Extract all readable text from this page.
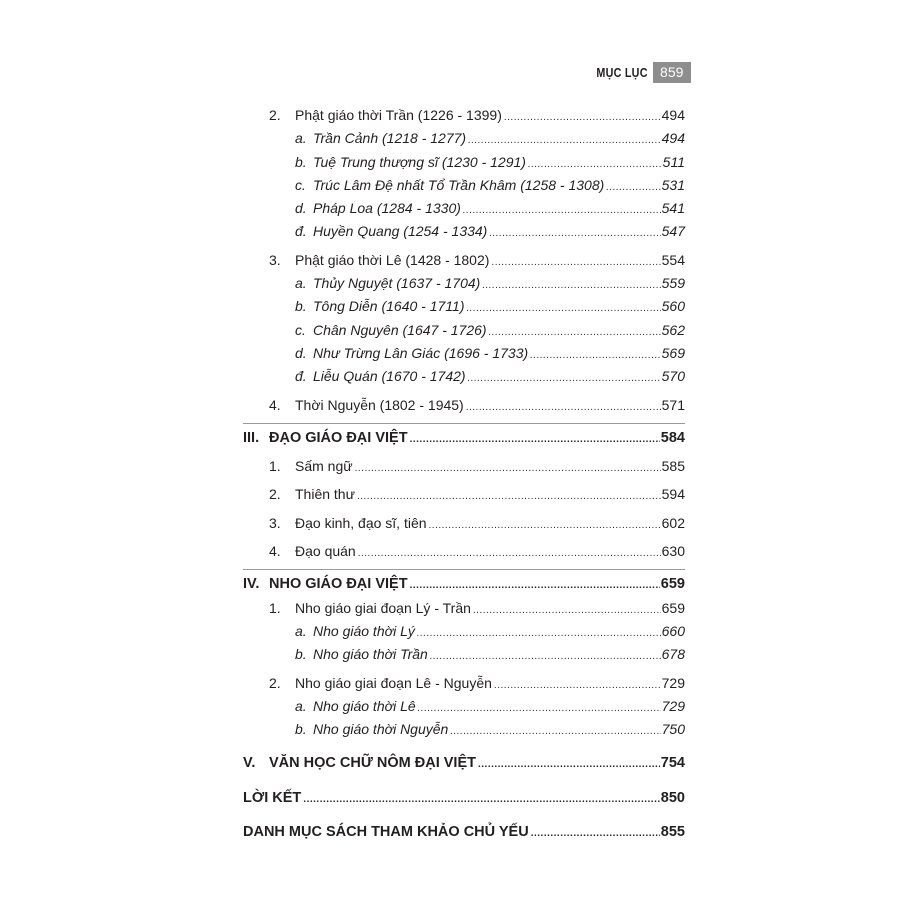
MỤC LỤC 859
2.	Phật giáo thời Trần (1226 - 1399) .....	494
a. Trần Cảnh (1218 - 1277) .....	494
b. Tuệ Trung thượng sĩ (1230 - 1291) .....	511
c. Trúc Lâm Đệ nhất Tổ Trần Khâm (1258 - 1308) .....	531
d. Pháp Loa (1284 - 1330) .....	541
đ. Huyền Quang (1254 - 1334) .....	547
3.	Phật giáo thời Lê (1428 - 1802) .....	554
a. Thủy Nguyệt (1637 - 1704) .....	559
b. Tông Diễn (1640 - 1711) .....	560
c. Chân Nguyên (1647 - 1726) .....	562
d. Như Trừng Lân Giác (1696 - 1733) .....	569
đ. Liễu Quán (1670 - 1742) .....	570
4.	Thời Nguyễn (1802 - 1945) .....	571
III. ĐẠO GIÁO ĐẠI VIỆT .....	584
1.	Sấm ngữ .....	585
2.	Thiên thư .....	594
3.	Đạo kinh, đạo sĩ, tiên .....	602
4.	Đạo quán .....	630
IV. NHO GIÁO ĐẠI VIỆT .....	659
1.	Nho giáo giai đoạn Lý - Trần .....	659
a. Nho giáo thời Lý .....	660
b. Nho giáo thời Trần .....	678
2.	Nho giáo giai đoạn Lê - Nguyễn .....	729
a. Nho giáo thời Lê .....	729
b. Nho giáo thời Nguyễn .....	750
V. VĂN HỌC CHỮ NÔM ĐẠI VIỆT .....	754
LỜI KẾT .....	850
DANH MỤC SÁCH THAM KHẢO CHỦ YẾU .....	855
